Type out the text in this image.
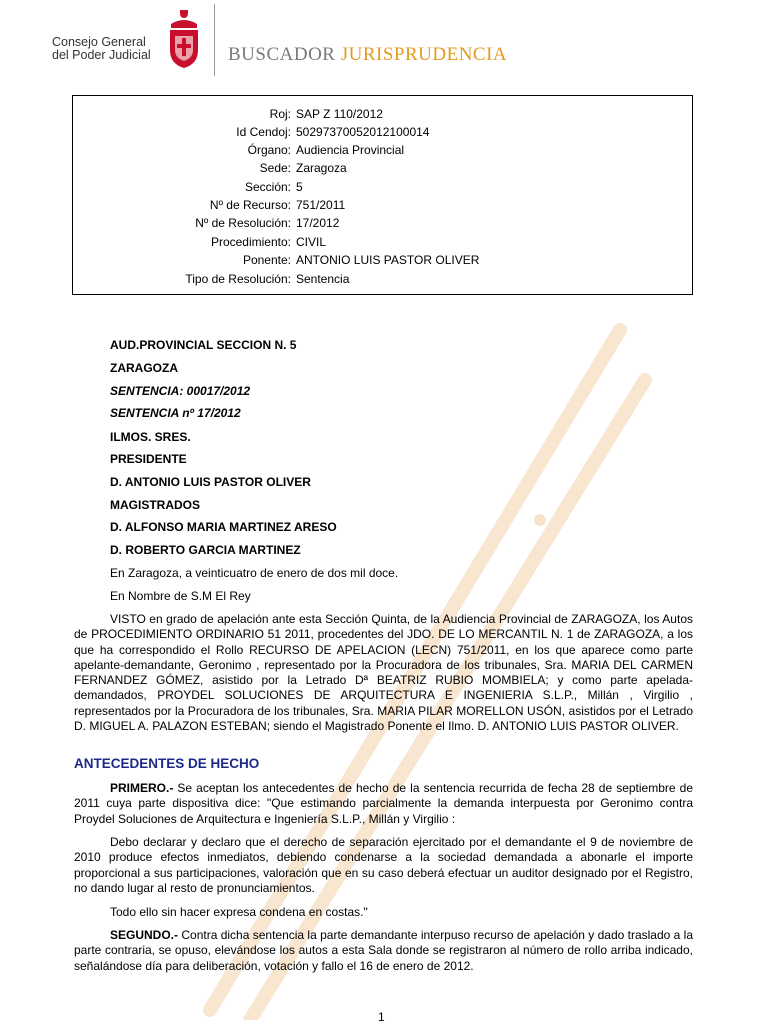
Consejo General
del Poder Judicial	BUSCADOR JURISPRUDENCIA
Roj: SAP Z 110/2012
Id Cendoj: 50297370052012100014
Órgano: Audiencia Provincial
Sede: Zaragoza
Sección: 5
Nº de Recurso: 751/2011
Nº de Resolución: 17/2012
Procedimiento: CIVIL
Ponente: ANTONIO LUIS PASTOR OLIVER
Tipo de Resolución: Sentencia
AUD.PROVINCIAL SECCION N. 5
ZARAGOZA
SENTENCIA: 00017/2012
SENTENCIA nº 17/2012
ILMOS. SRES.
PRESIDENTE
D. ANTONIO LUIS PASTOR OLIVER
MAGISTRADOS
D. ALFONSO MARIA MARTINEZ ARESO
D. ROBERTO GARCIA MARTINEZ
En Zaragoza, a veinticuatro de enero de dos mil doce.
En Nombre de S.M El Rey
VISTO en grado de apelación ante esta Sección Quinta, de la Audiencia Provincial de ZARAGOZA, los Autos de PROCEDIMIENTO ORDINARIO 51 2011, procedentes del JDO. DE LO MERCANTIL N. 1 de ZARAGOZA, a los que ha correspondido el Rollo RECURSO DE APELACION (LECN) 751/2011, en los que aparece como parte apelante-demandante, Geronimo , representado por la Procuradora de los tribunales, Sra. MARIA DEL CARMEN FERNANDEZ GÓMEZ, asistido por la Letrado Dª BEATRIZ RUBIO MOMBIELA; y como parte apelada-demandados, PROYDEL SOLUCIONES DE ARQUITECTURA E INGENIERIA S.L.P., Millán , Virgilio , representados por la Procuradora de los tribunales, Sra. MARIA PILAR MORELLON USÓN, asistidos por el Letrado D. MIGUEL A. PALAZON ESTEBAN; siendo el Magistrado Ponente el Ilmo. D. ANTONIO LUIS PASTOR OLIVER.
ANTECEDENTES DE HECHO
PRIMERO.- Se aceptan los antecedentes de hecho de la sentencia recurrida de fecha 28 de septiembre de 2011 cuya parte dispositiva dice: "Que estimando parcialmente la demanda interpuesta por Geronimo contra Proydel Soluciones de Arquitectura e Ingeniería S.L.P., Millán y Virgilio :
Debo declarar y declaro que el derecho de separación ejercitado por el demandante el 9 de noviembre de 2010 produce efectos inmediatos, debiendo condenarse a la sociedad demandada a abonarle el importe proporcional a sus participaciones, valoración que en su caso deberá efectuar un auditor designado por el Registro, no dando lugar al resto de pronunciamientos.
Todo ello sin hacer expresa condena en costas."
SEGUNDO.- Contra dicha sentencia la parte demandante interpuso recurso de apelación y dado traslado a la parte contraria, se opuso, elevándose los autos a esta Sala donde se registraron al número de rollo arriba indicado, señalándose día para deliberación, votación y fallo el 16 de enero de 2012.
1
